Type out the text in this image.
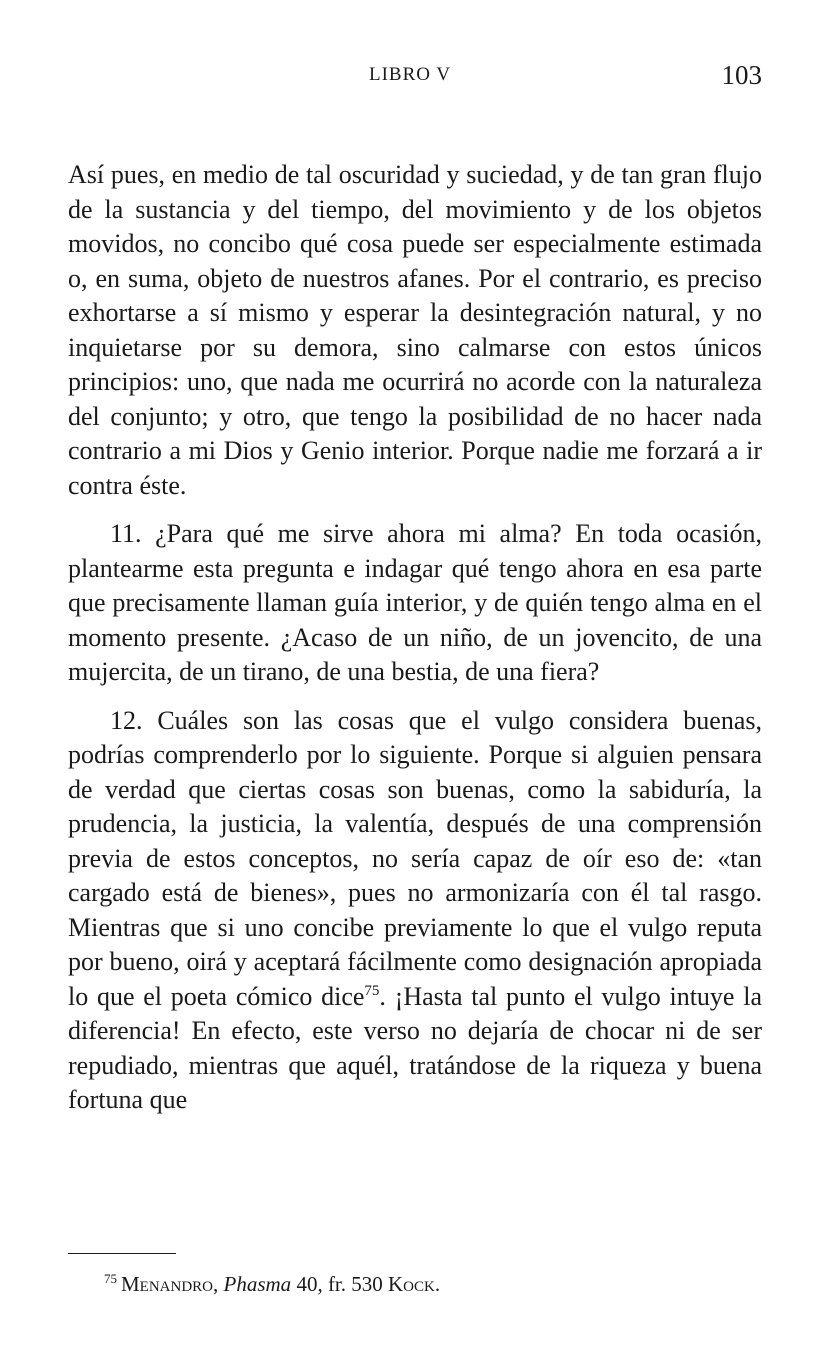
LIBRO V	103

Así pues, en medio de tal oscuridad y suciedad, y de tan gran flujo de la sustancia y del tiempo, del movimiento y de los objetos movidos, no concibo qué cosa puede ser especialmente estimada o, en suma, objeto de nuestros afanes. Por el contrario, es preciso exhortarse a sí mismo y esperar la desintegración natural, y no inquietarse por su demora, sino calmarse con estos únicos principios: uno, que nada me ocurrirá no acorde con la naturaleza del conjunto; y otro, que tengo la posibilidad de no hacer nada contrario a mi Dios y Genio interior. Porque nadie me forzará a ir contra éste.

11. ¿Para qué me sirve ahora mi alma? En toda ocasión, plantearme esta pregunta e indagar qué tengo ahora en esa parte que precisamente llaman guía interior, y de quién tengo alma en el momento presente. ¿Acaso de un niño, de un jovencito, de una mujercita, de un tirano, de una bestia, de una fiera?

12. Cuáles son las cosas que el vulgo considera buenas, podrías comprenderlo por lo siguiente. Porque si alguien pensara de verdad que ciertas cosas son buenas, como la sabiduría, la prudencia, la justicia, la valentía, después de una comprensión previa de estos conceptos, no sería capaz de oír eso de: «tan cargado está de bienes», pues no armonizaría con él tal rasgo. Mientras que si uno concibe previamente lo que el vulgo reputa por bueno, oirá y aceptará fácilmente como designación apropiada lo que el poeta cómico dice$^{75}$. ¡Hasta tal punto el vulgo intuye la diferencia! En efecto, este verso no dejaría de chocar ni de ser repudiado, mientras que aquél, tratándose de la riqueza y buena fortuna que

$^{75}$ Menandro, Phasma 40, fr. 530 Kock.
